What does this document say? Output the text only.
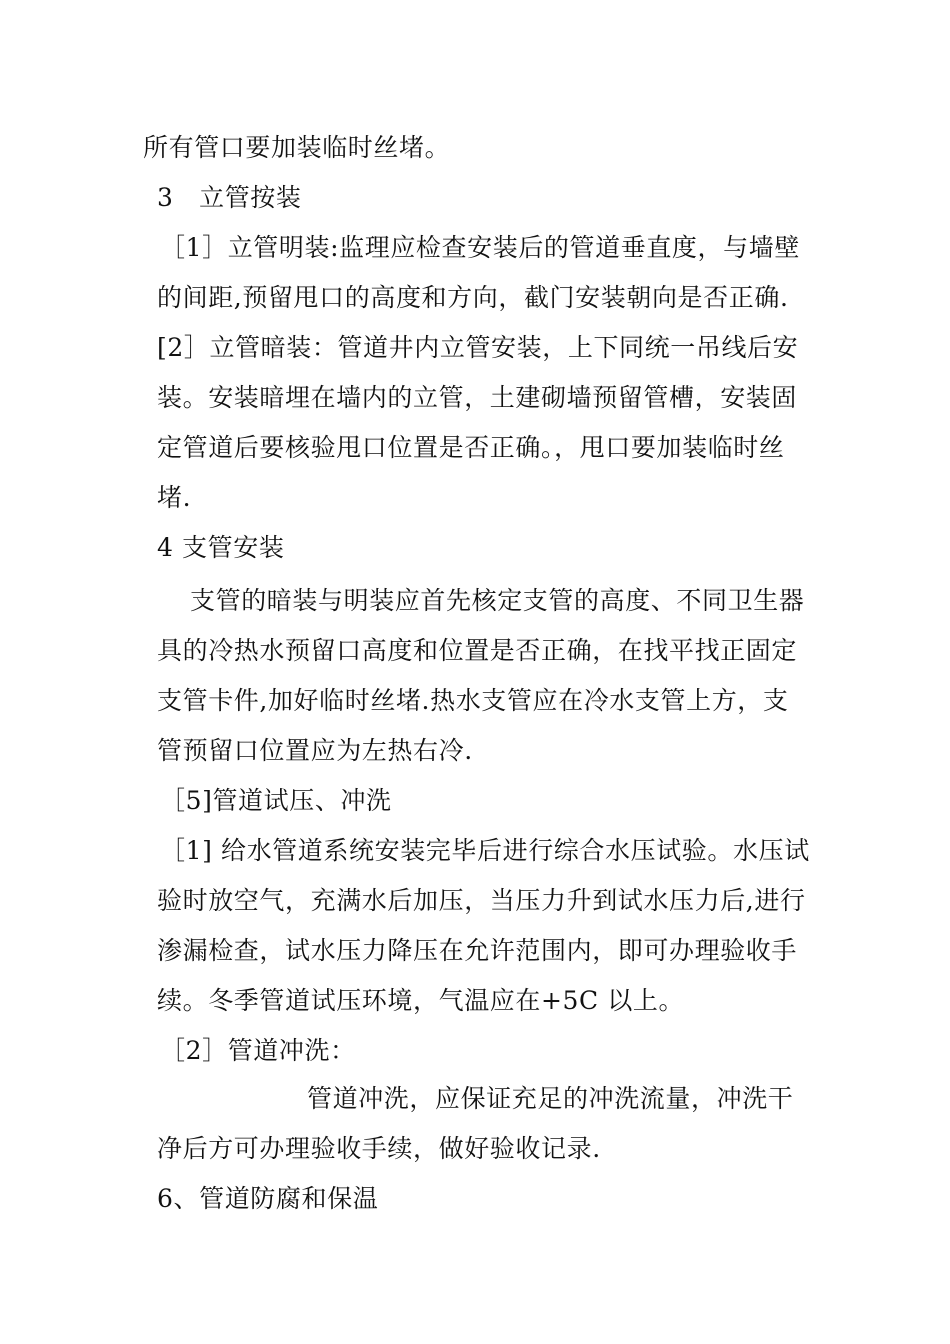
所有管口要加装临时丝堵。
3　立管按装
［1］立管明装:监理应检查安装后的管道垂直度，与墙壁
的间距,预留甩口的高度和方向，截门安装朝向是否正确.
[2］立管暗装：管道井内立管安装，上下同统一吊线后安
装。安装暗埋在墙内的立管，土建砌墙预留管槽，安装固
定管道后要核验甩口位置是否正确。，甩口要加装临时丝
堵.
4 支管安装
支管的暗装与明装应首先核定支管的高度、不同卫生器
具的冷热水预留口高度和位置是否正确，在找平找正固定
支管卡件,加好临时丝堵.热水支管应在冷水支管上方，支
管预留口位置应为左热右冷.
［5]管道试压、冲洗
［1] 给水管道系统安装完毕后进行综合水压试验。水压试
验时放空气，充满水后加压，当压力升到试水压力后,进行
渗漏检查，试水压力降压在允许范围内，即可办理验收手
续。冬季管道试压环境，气温应在+5C 以上。
［2］管道冲洗：
管道冲洗，应保证充足的冲洗流量，冲洗干
净后方可办理验收手续，做好验收记录.
6、管道防腐和保温
